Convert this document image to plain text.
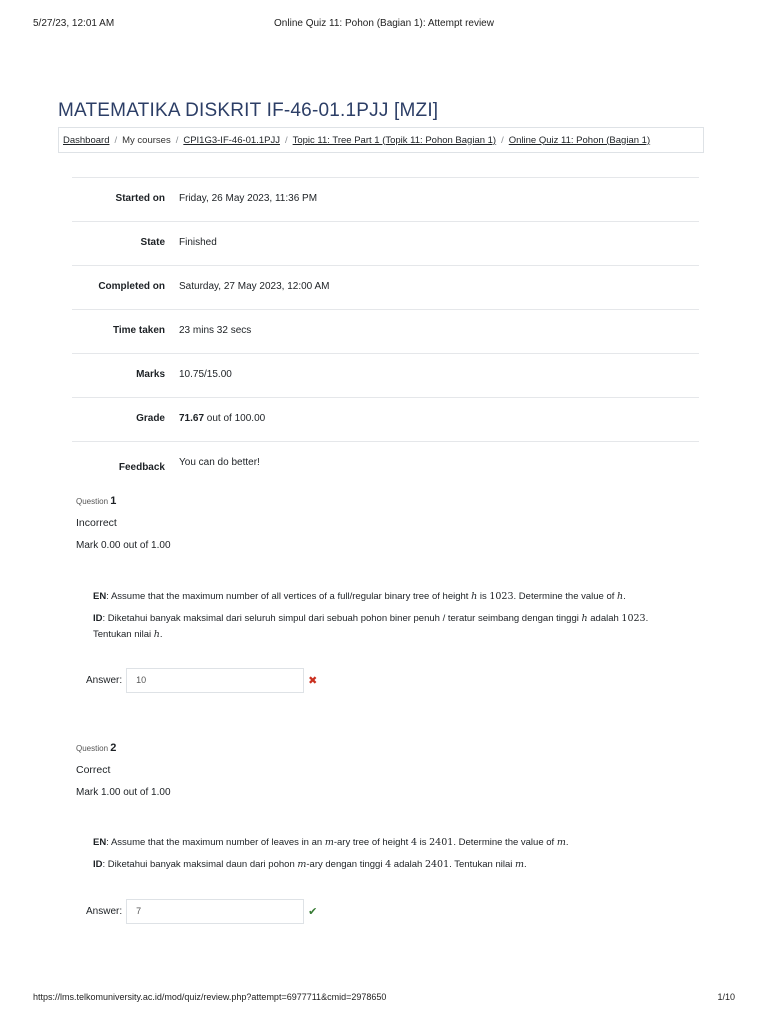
5/27/23, 12:01 AM	Online Quiz 11: Pohon (Bagian 1): Attempt review
MATEMATIKA DISKRIT IF-46-01.1PJJ [MZI]
Dashboard / My courses / CPI1G3-IF-46-01.1PJJ / Topic 11: Tree Part 1 (Topik 11: Pohon Bagian 1) / Online Quiz 11: Pohon (Bagian 1)
Started on Friday, 26 May 2023, 11:36 PM
State Finished
Completed on Saturday, 27 May 2023, 12:00 AM
Time taken 23 mins 32 secs
Marks 10.75/15.00
Grade 71.67 out of 100.00
Feedback You can do better!
Question 1
Incorrect
Mark 0.00 out of 1.00

EN: Assume that the maximum number of all vertices of a full/regular binary tree of height h is 1023. Determine the value of h.

ID: Diketahui banyak maksimal dari seluruh simpul dari sebuah pohon biner penuh / teratur seimbang dengan tinggi h adalah 1023. Tentukan nilai h.

Answer:	10	✖
Question 2
Correct
Mark 1.00 out of 1.00

EN: Assume that the maximum number of leaves in an m-ary tree of height 4 is 2401. Determine the value of m.

ID: Diketahui banyak maksimal daun dari pohon m-ary dengan tinggi 4 adalah 2401. Tentukan nilai m.

Answer:	7	✔
https://lms.telkomuniversity.ac.id/mod/quiz/review.php?attempt=6977711&cmid=2978650	1/10
